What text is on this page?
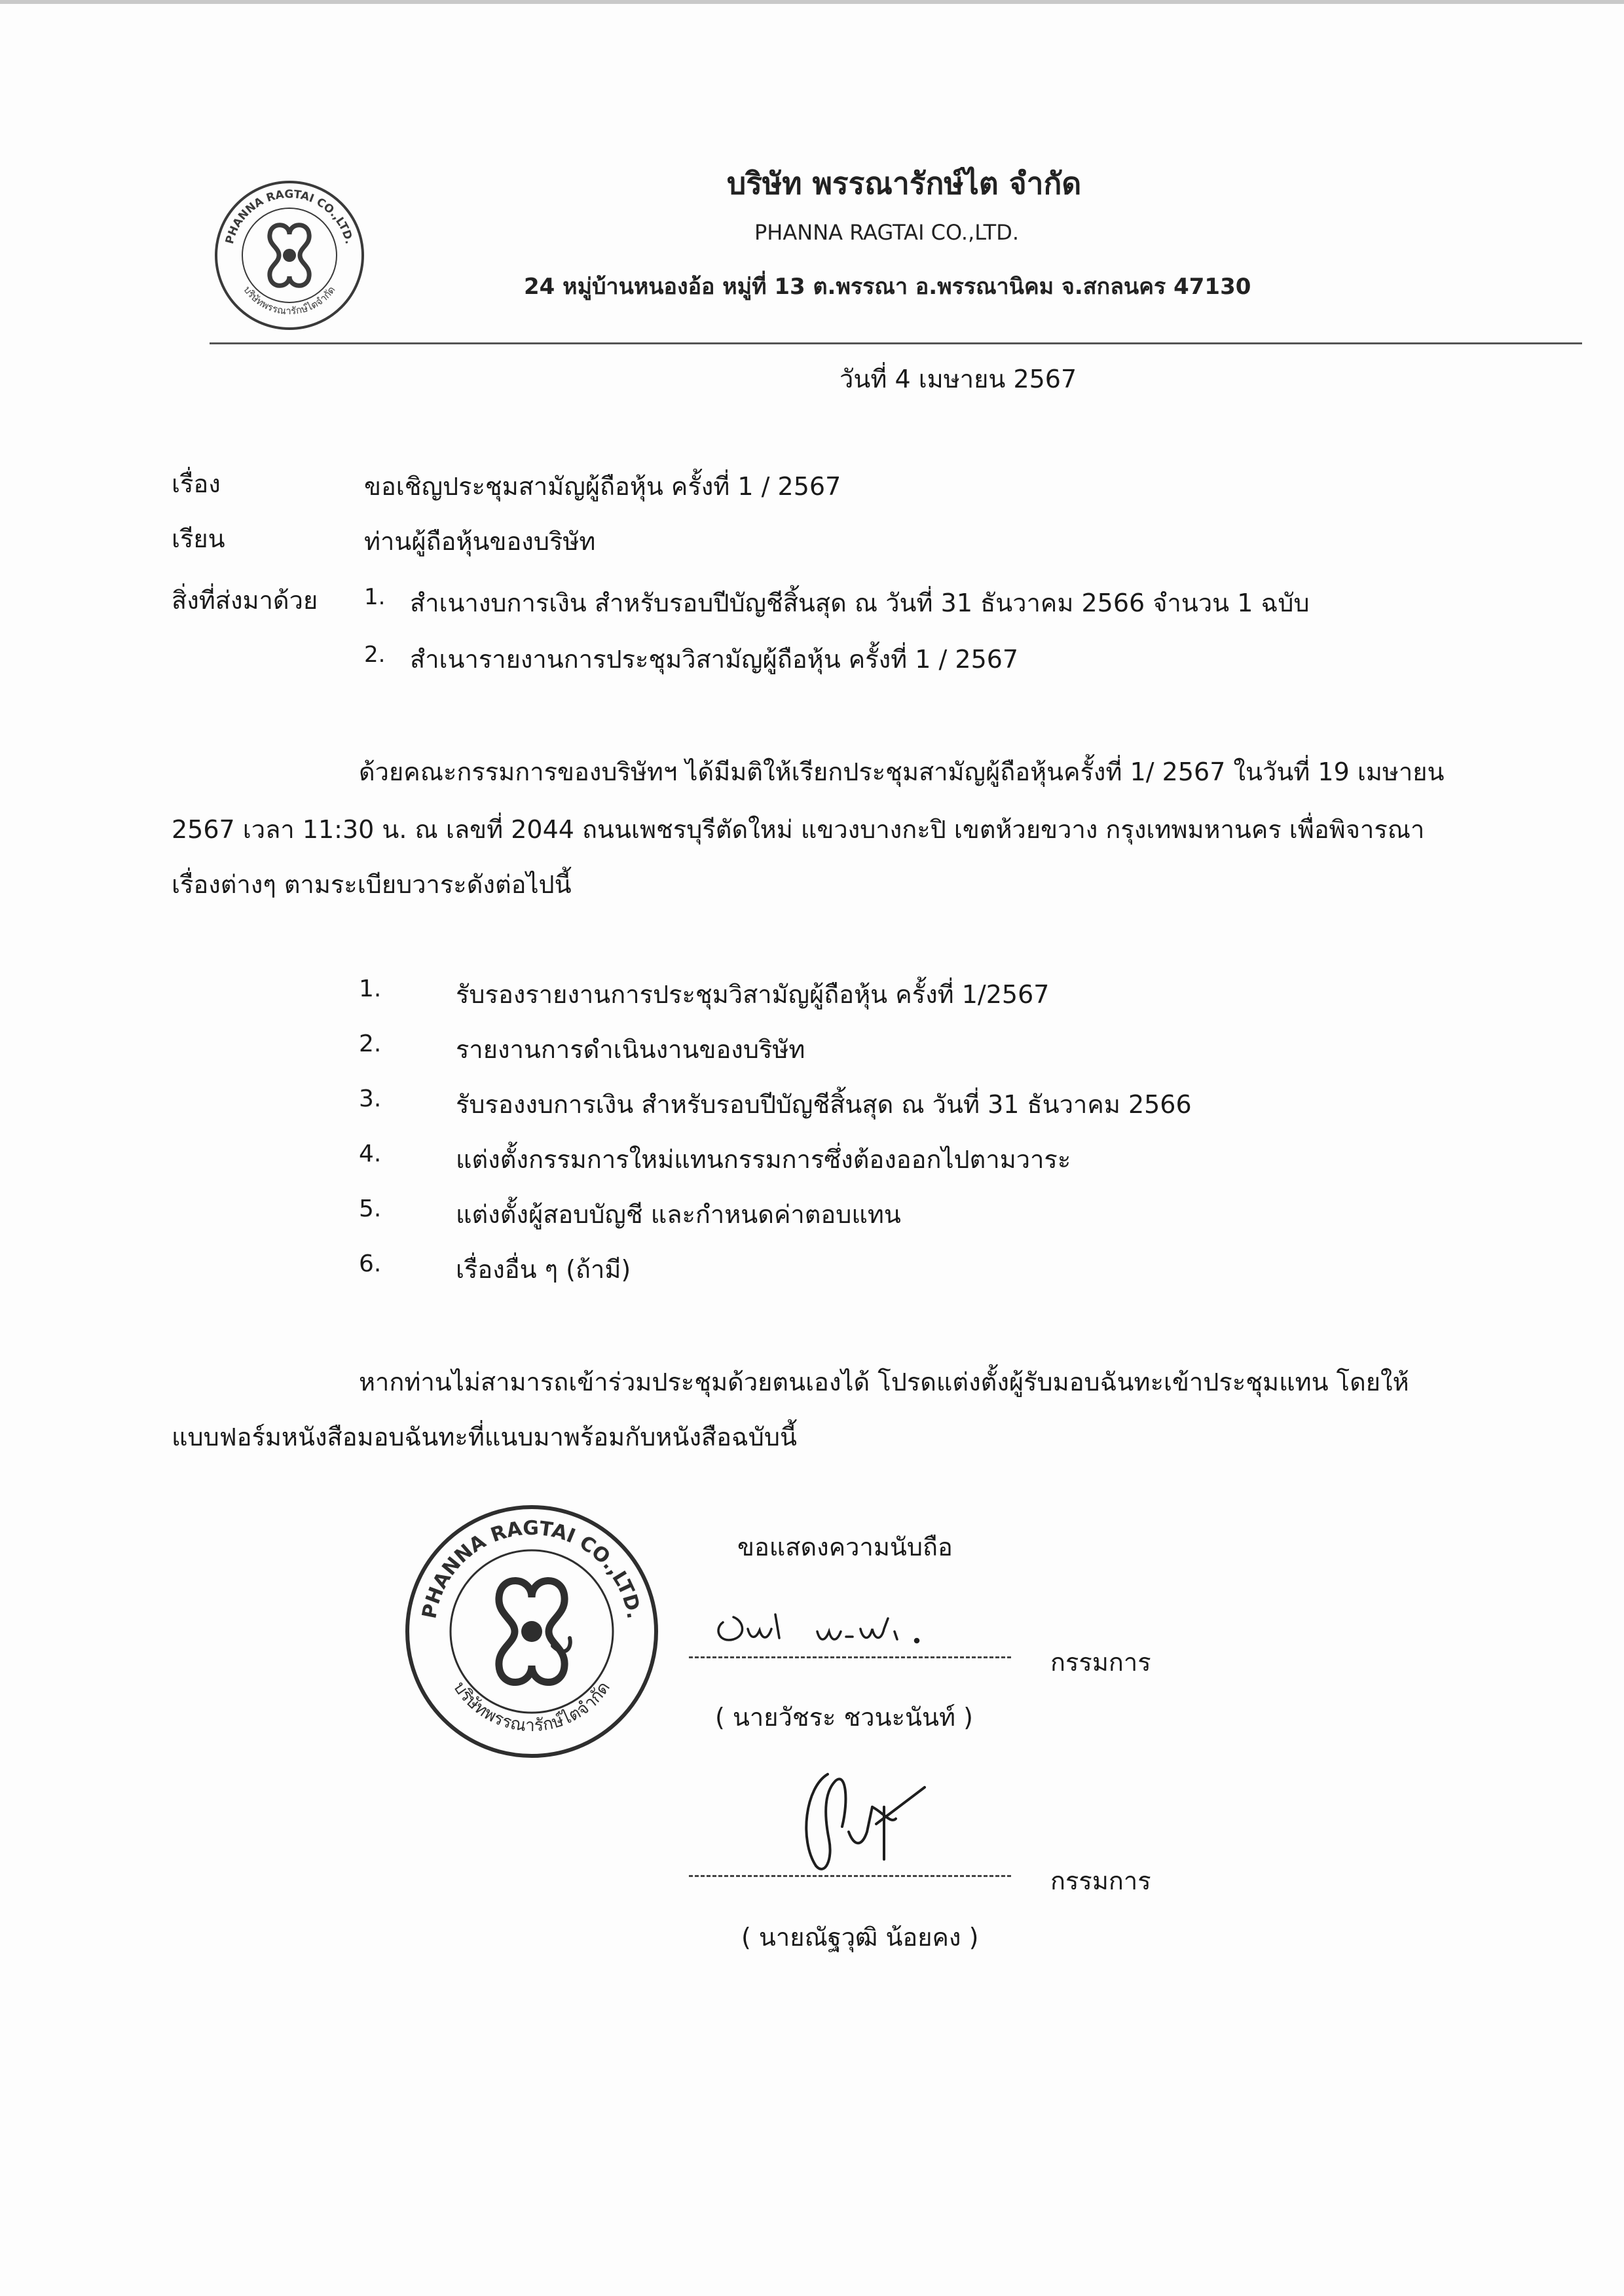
PHANNA RAGTAI CO.,LTD.
บริษัทพรรณารักษ์ไตจำกัด
บริษัท พรรณารักษ์ไต จำกัด
PHANNA RAGTAI CO.,LTD.
24 หมู่บ้านหนองอ้อ หมู่ที่ 13 ต.พรรณา อ.พรรณานิคม จ.สกลนคร 47130
วันที่ 4 เมษายน 2567
เรื่อง	ขอเชิญประชุมสามัญผู้ถือหุ้น ครั้งที่ 1 / 2567
เรียน	ท่านผู้ถือหุ้นของบริษัท
สิ่งที่ส่งมาด้วย 1. สำเนางบการเงิน สำหรับรอบปีบัญชีสิ้นสุด ณ วันที่ 31 ธันวาคม 2566 จำนวน 1 ฉบับ
2. สำเนารายงานการประชุมวิสามัญผู้ถือหุ้น ครั้งที่ 1 / 2567
ด้วยคณะกรรมการของบริษัทฯ ได้มีมติให้เรียกประชุมสามัญผู้ถือหุ้นครั้งที่ 1/ 2567 ในวันที่ 19 เมษายน
2567 เวลา 11:30 น. ณ เลขที่ 2044 ถนนเพชรบุรีตัดใหม่ แขวงบางกะปิ เขตห้วยขวาง กรุงเทพมหานคร เพื่อพิจารณา
เรื่องต่างๆ ตามระเบียบวาระดังต่อไปนี้
1.	รับรองรายงานการประชุมวิสามัญผู้ถือหุ้น ครั้งที่ 1/2567
2.	รายงานการดำเนินงานของบริษัท
3.	รับรองงบการเงิน สำหรับรอบปีบัญชีสิ้นสุด ณ วันที่ 31 ธันวาคม 2566
4.	แต่งตั้งกรรมการใหม่แทนกรรมการซึ่งต้องออกไปตามวาระ
5.	แต่งตั้งผู้สอบบัญชี และกำหนดค่าตอบแทน
6.	เรื่องอื่น ๆ (ถ้ามี)
หากท่านไม่สามารถเข้าร่วมประชุมด้วยตนเองได้ โปรดแต่งตั้งผู้รับมอบฉันทะเข้าประชุมแทน โดยให้
แบบฟอร์มหนังสือมอบฉันทะที่แนบมาพร้อมกับหนังสือฉบับนี้
PHANNA RAGTAI CO.,LTD.
บริษัทพรรณารักษ์ไตจำกัด
ขอแสดงความนับถือ
กรรมการ
( นายวัชระ ชวนะนันท์ )
กรรมการ
( นายณัฐวุฒิ น้อยคง )
